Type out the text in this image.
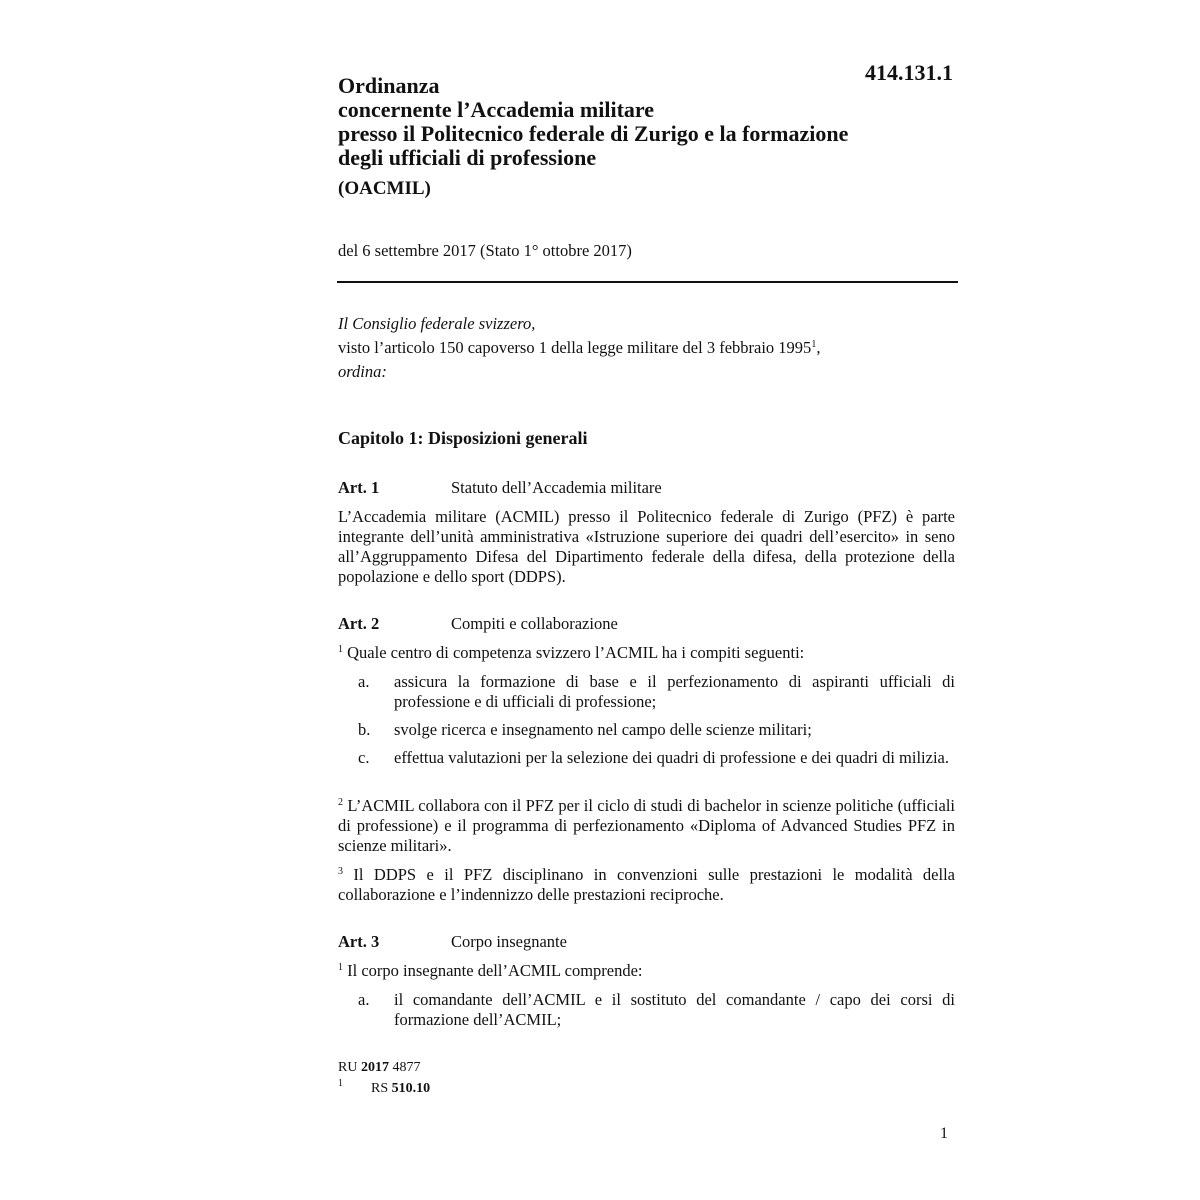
414.131.1
Ordinanza
concernente l’Accademia militare
presso il Politecnico federale di Zurigo e la formazione
degli ufficiali di professione
(OACMIL)
del 6 settembre 2017 (Stato 1° ottobre 2017)
Il Consiglio federale svizzero,
visto l’articolo 150 capoverso 1 della legge militare del 3 febbraio 1995$^1$,
ordina:
Capitolo 1: Disposizioni generali
Art. 1	Statuto dell’Accademia militare
L’Accademia militare (ACMIL) presso il Politecnico federale di Zurigo (PFZ) è parte integrante dell’unità amministrativa «Istruzione superiore dei quadri dell’esercito» in seno all’Aggruppamento Difesa del Dipartimento federale della difesa, della protezione della popolazione e dello sport (DDPS).
Art. 2	Compiti e collaborazione
$^1$ Quale centro di competenza svizzero l’ACMIL ha i compiti seguenti:
a. assicura la formazione di base e il perfezionamento di aspiranti ufficiali di professione e di ufficiali di professione;
b. svolge ricerca e insegnamento nel campo delle scienze militari;
c. effettua valutazioni per la selezione dei quadri di professione e dei quadri di milizia.
$^2$ L’ACMIL collabora con il PFZ per il ciclo di studi di bachelor in scienze politiche (ufficiali di professione) e il programma di perfezionamento «Diploma of Advanced Studies PFZ in scienze militari».
$^3$ Il DDPS e il PFZ disciplinano in convenzioni sulle prestazioni le modalità della collaborazione e l’indennizzo delle prestazioni reciproche.
Art. 3	Corpo insegnante
$^1$ Il corpo insegnante dell’ACMIL comprende:
a. il comandante dell’ACMIL e il sostituto del comandante / capo dei corsi di formazione dell’ACMIL;
RU 2017 4877
$^1$ RS 510.10
1
